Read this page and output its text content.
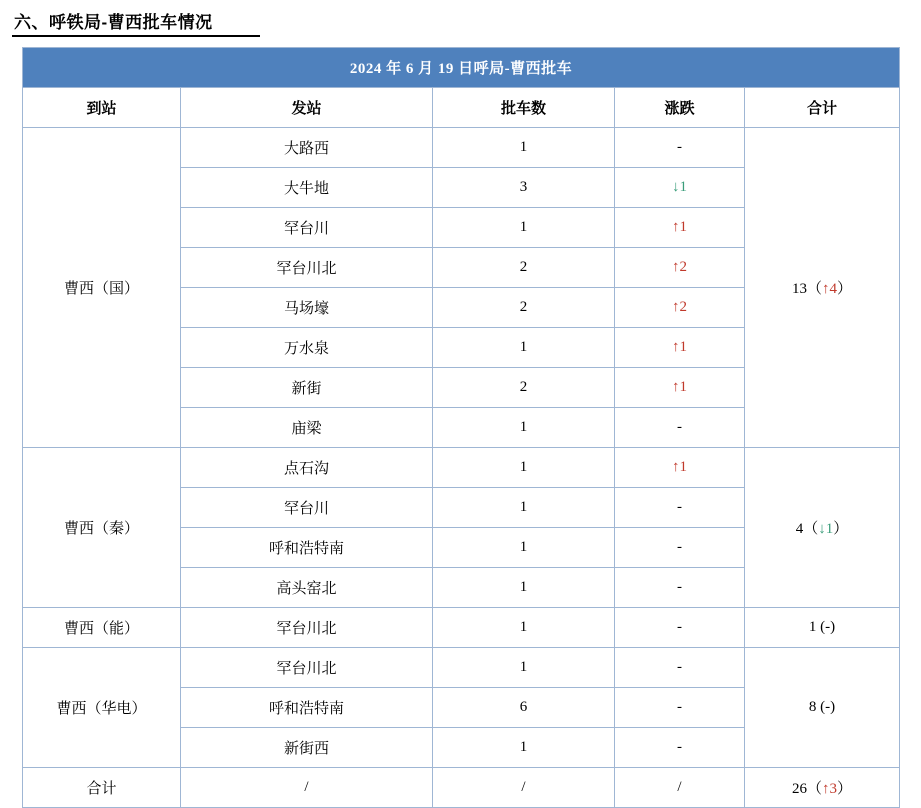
六、呼铁局-曹西批车情况
2024 年 6 月 19 日呼局-曹西批车				
到站	发站	批车数	涨跌	合计
曹西（国）	大路西	1	-	13（↑4）
	大牛地	3	↓1	
	罕台川	1	↑1	
	罕台川北	2	↑2	
	马场壕	2	↑2	
	万水泉	1	↑1	
	新街	2	↑1	
	庙梁	1	-	
曹西（秦）	点石沟	1	↑1	4（↓1）
	罕台川	1	-	
	呼和浩特南	1	-	
	高头窑北	1	-	
曹西（能）	罕台川北	1	-	1 (-)
曹西（华电）	罕台川北	1	-	8 (-)
	呼和浩特南	6	-	
	新街西	1	-	
合计	/	/	/	26（↑3）
